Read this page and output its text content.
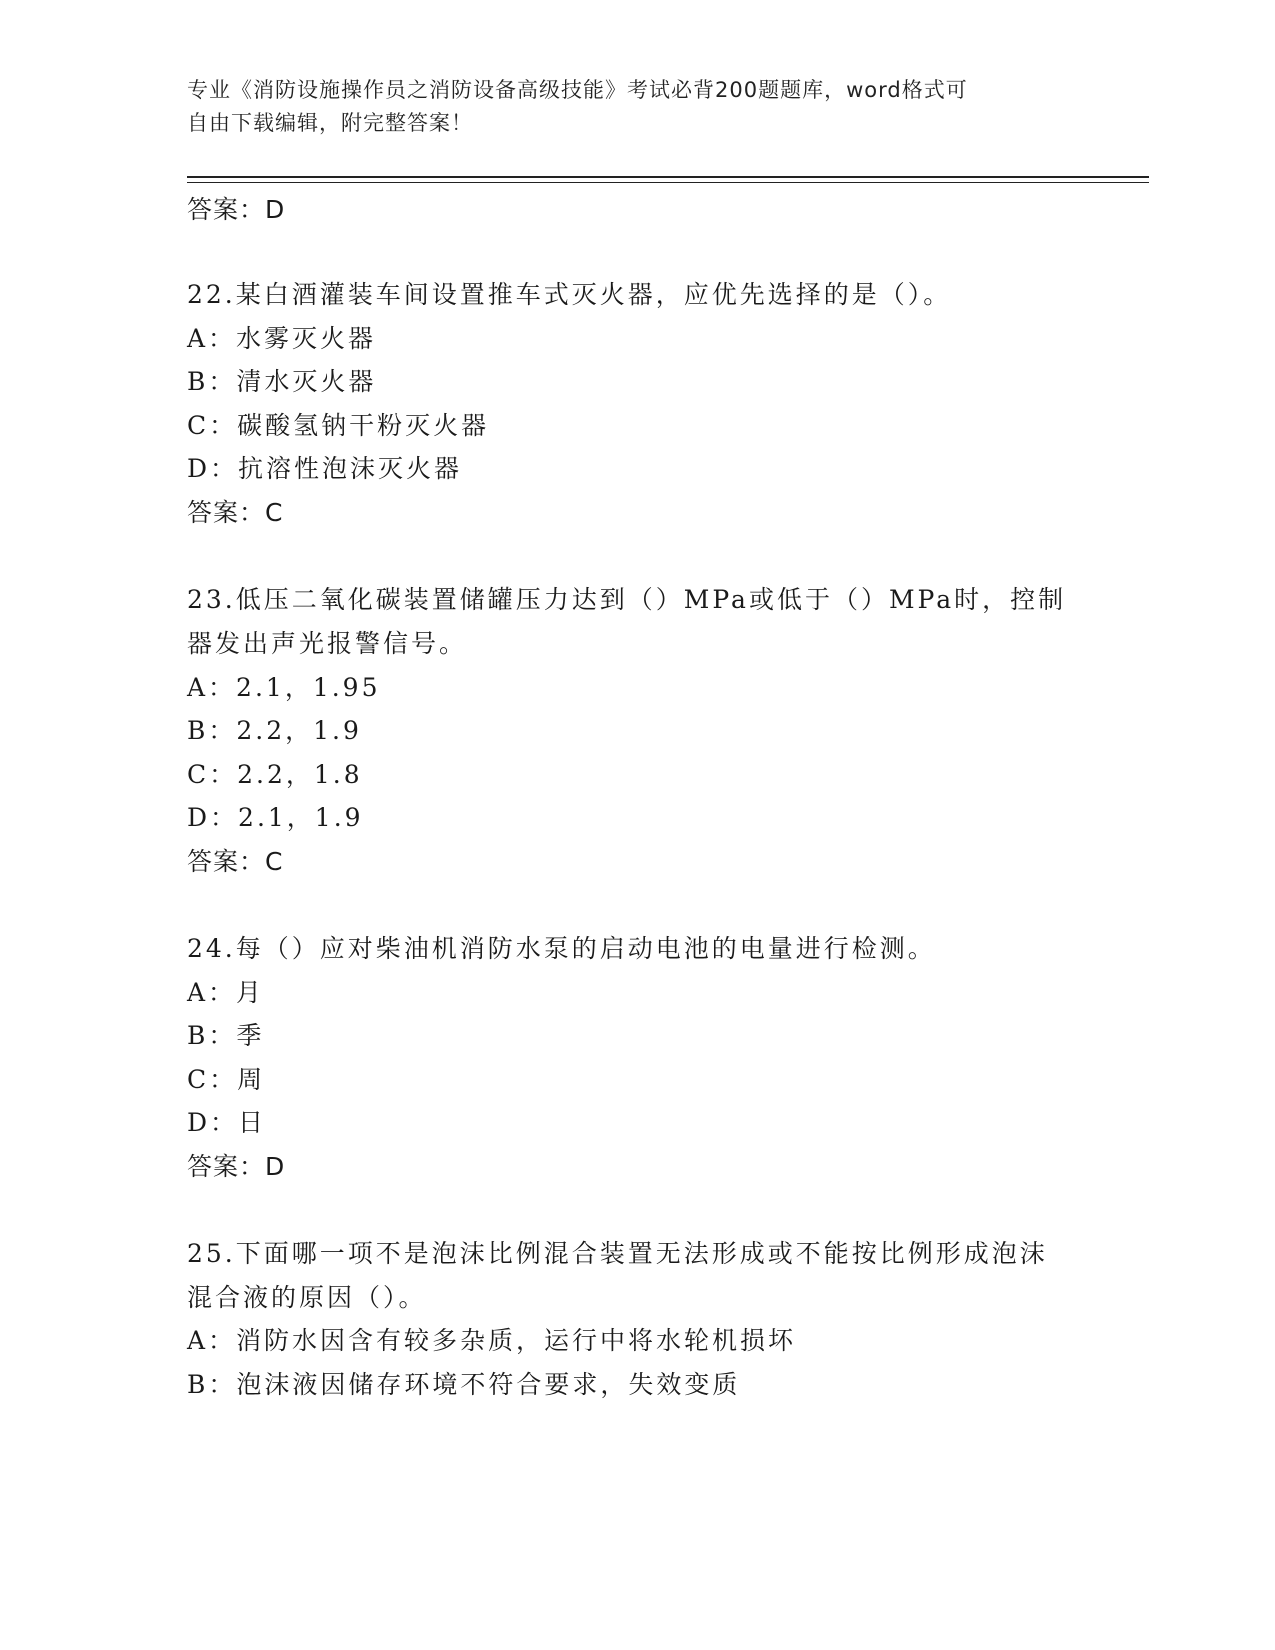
专业《消防设施操作员之消防设备高级技能》考试必背200题题库，word格式可
自由下载编辑，附完整答案！
答案：D
22.某白酒灌装车间设置推车式灭火器，应优先选择的是（）。
A：水雾灭火器
B：清水灭火器
C：碳酸氢钠干粉灭火器
D：抗溶性泡沫灭火器
答案：C
23.低压二氧化碳装置储罐压力达到（）MPa或低于（）MPa时，控制
器发出声光报警信号。
A：2.1，1.95
B：2.2，1.9
C：2.2，1.8
D：2.1，1.9
答案：C
24.每（）应对柴油机消防水泵的启动电池的电量进行检测。
A：月
B：季
C：周
D：日
答案：D
25.下面哪一项不是泡沫比例混合装置无法形成或不能按比例形成泡沫
混合液的原因（）。
A：消防水因含有较多杂质，运行中将水轮机损坏
B：泡沫液因储存环境不符合要求，失效变质
